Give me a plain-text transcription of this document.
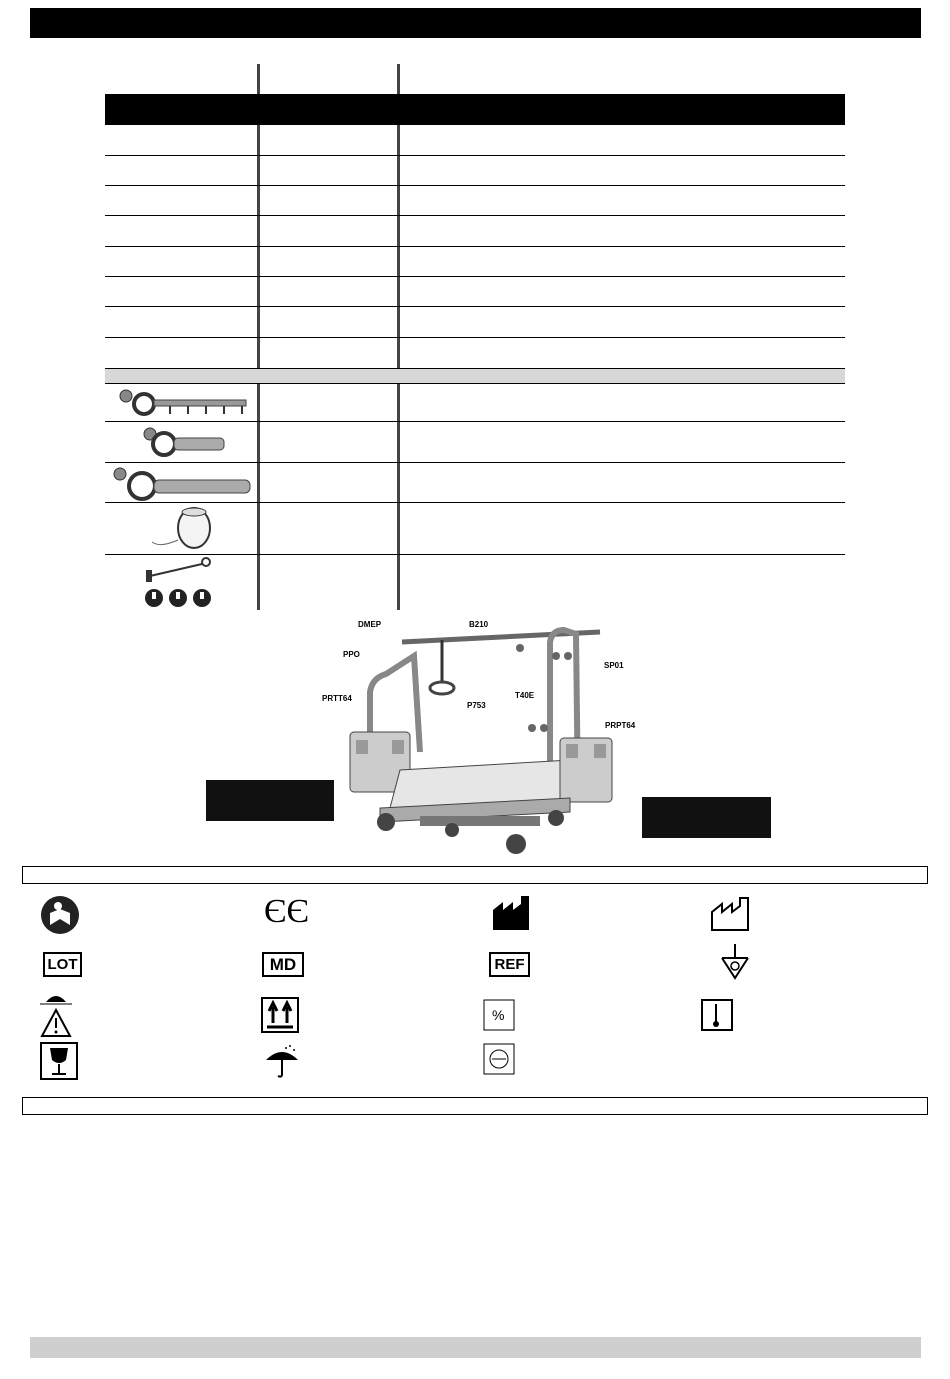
DMEP	B210
PPO
SP01
PRTT64
P753
T40E
PRPT64
ЄЄ
LOT	MD	REF
%
